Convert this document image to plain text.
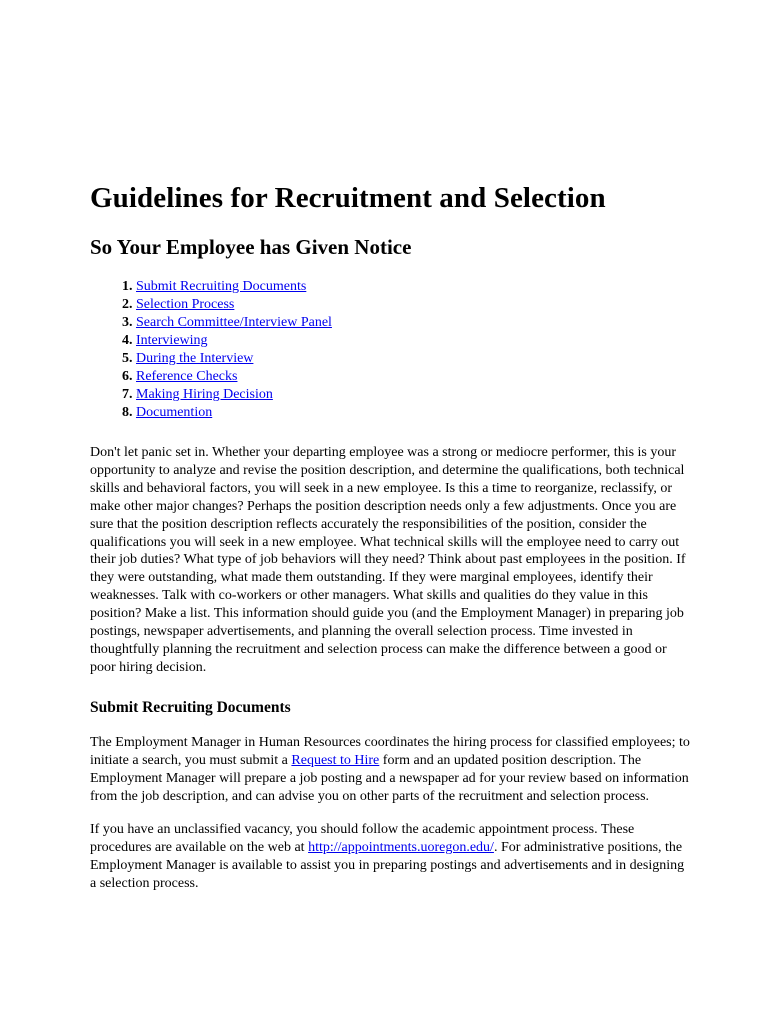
Guidelines for Recruitment and Selection
So Your Employee has Given Notice
1. Submit Recruiting Documents
2. Selection Process
3. Search Committee/Interview Panel
4. Interviewing
5. During the Interview
6. Reference Checks
7. Making Hiring Decision
8. Documention

Don't let panic set in. Whether your departing employee was a strong or mediocre performer, this is your opportunity to analyze and revise the position description, and determine the qualifications, both technical skills and behavioral factors, you will seek in a new employee. Is this a time to reorganize, reclassify, or make other major changes? Perhaps the position description needs only a few adjustments. Once you are sure that the position description reflects accurately the responsibilities of the position, consider the qualifications you will seek in a new employee. What technical skills will the employee need to carry out their job duties? What type of job behaviors will they need? Think about past employees in the position. If they were outstanding, what made them outstanding. If they were marginal employees, identify their weaknesses. Talk with co-workers or other managers. What skills and qualities do they value in this position? Make a list. This information should guide you (and the Employment Manager) in preparing job postings, newspaper advertisements, and planning the overall selection process. Time invested in thoughtfully planning the recruitment and selection process can make the difference between a good or poor hiring decision.

Submit Recruiting Documents

The Employment Manager in Human Resources coordinates the hiring process for classified employees; to initiate a search, you must submit a Request to Hire form and an updated position description. The Employment Manager will prepare a job posting and a newspaper ad for your review based on information from the job description, and can advise you on other parts of the recruitment and selection process.

If you have an unclassified vacancy, you should follow the academic appointment process. These procedures are available on the web at http://appointments.uoregon.edu/. For administrative positions, the Employment Manager is available to assist you in preparing postings and advertisements and in designing a selection process.
